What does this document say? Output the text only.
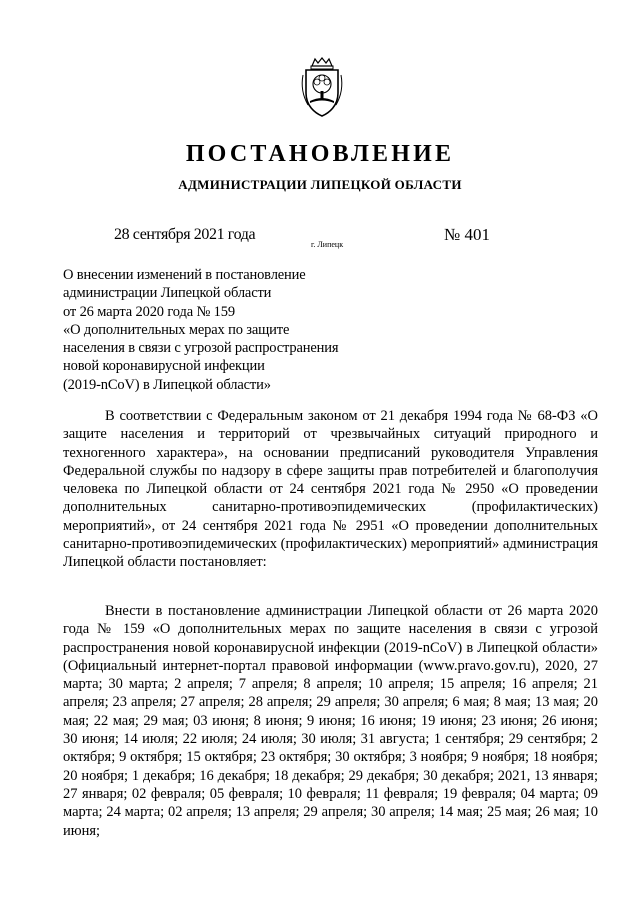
ПОСТАНОВЛЕНИЕ
АДМИНИСТРАЦИИ ЛИПЕЦКОЙ ОБЛАСТИ
28 сентября 2021 года
г. Липецк
№ 401
О внесении изменений в постановление
администрации Липецкой области
от 26 марта 2020 года № 159
«О дополнительных мерах по защите
населения в связи с угрозой распространения
новой коронавирусной инфекции
(2019-nCoV) в Липецкой области»

В соответствии с Федеральным законом от 21 декабря 1994 года № 68-ФЗ «О защите населения и территорий от чрезвычайных ситуаций природного и техногенного характера», на основании предписаний руководителя Управления Федеральной службы по надзору в сфере защиты прав потребителей и благополучия человека по Липецкой области от 24 сентября 2021 года № 2950 «О проведении дополнительных санитарно-противоэпидемических (профилактических) мероприятий», от 24 сентября 2021 года № 2951 «О проведении дополнительных санитарно-противоэпидемических (профилактических) мероприятий» администрация Липецкой области постановляет:

Внести в постановление администрации Липецкой области от 26 марта 2020 года № 159 «О дополнительных мерах по защите населения в связи с угрозой распространения новой коронавирусной инфекции (2019-nCoV) в Липецкой области» (Официальный интернет-портал правовой информации (www.pravo.gov.ru), 2020, 27 марта; 30 марта; 2 апреля; 7 апреля; 8 апреля; 10 апреля; 15 апреля; 16 апреля; 21 апреля; 23 апреля; 27 апреля; 28 апреля; 29 апреля; 30 апреля; 6 мая; 8 мая; 13 мая; 20 мая; 22 мая; 29 мая; 03 июня; 8 июня; 9 июня; 16 июня; 19 июня; 23 июня; 26 июня; 30 июня; 14 июля; 22 июля; 24 июля; 30 июля; 31 августа; 1 сентября; 29 сентября; 2 октября; 9 октября; 15 октября; 23 октября; 30 октября; 3 ноября; 9 ноября; 18 ноября; 20 ноября; 1 декабря; 16 декабря; 18 декабря; 29 декабря; 30 декабря; 2021, 13 января; 27 января; 02 февраля; 05 февраля; 10 февраля; 11 февраля; 19 февраля; 04 марта; 09 марта; 24 марта; 02 апреля; 13 апреля; 29 апреля; 30 апреля; 14 мая; 25 мая; 26 мая; 10 июня;
